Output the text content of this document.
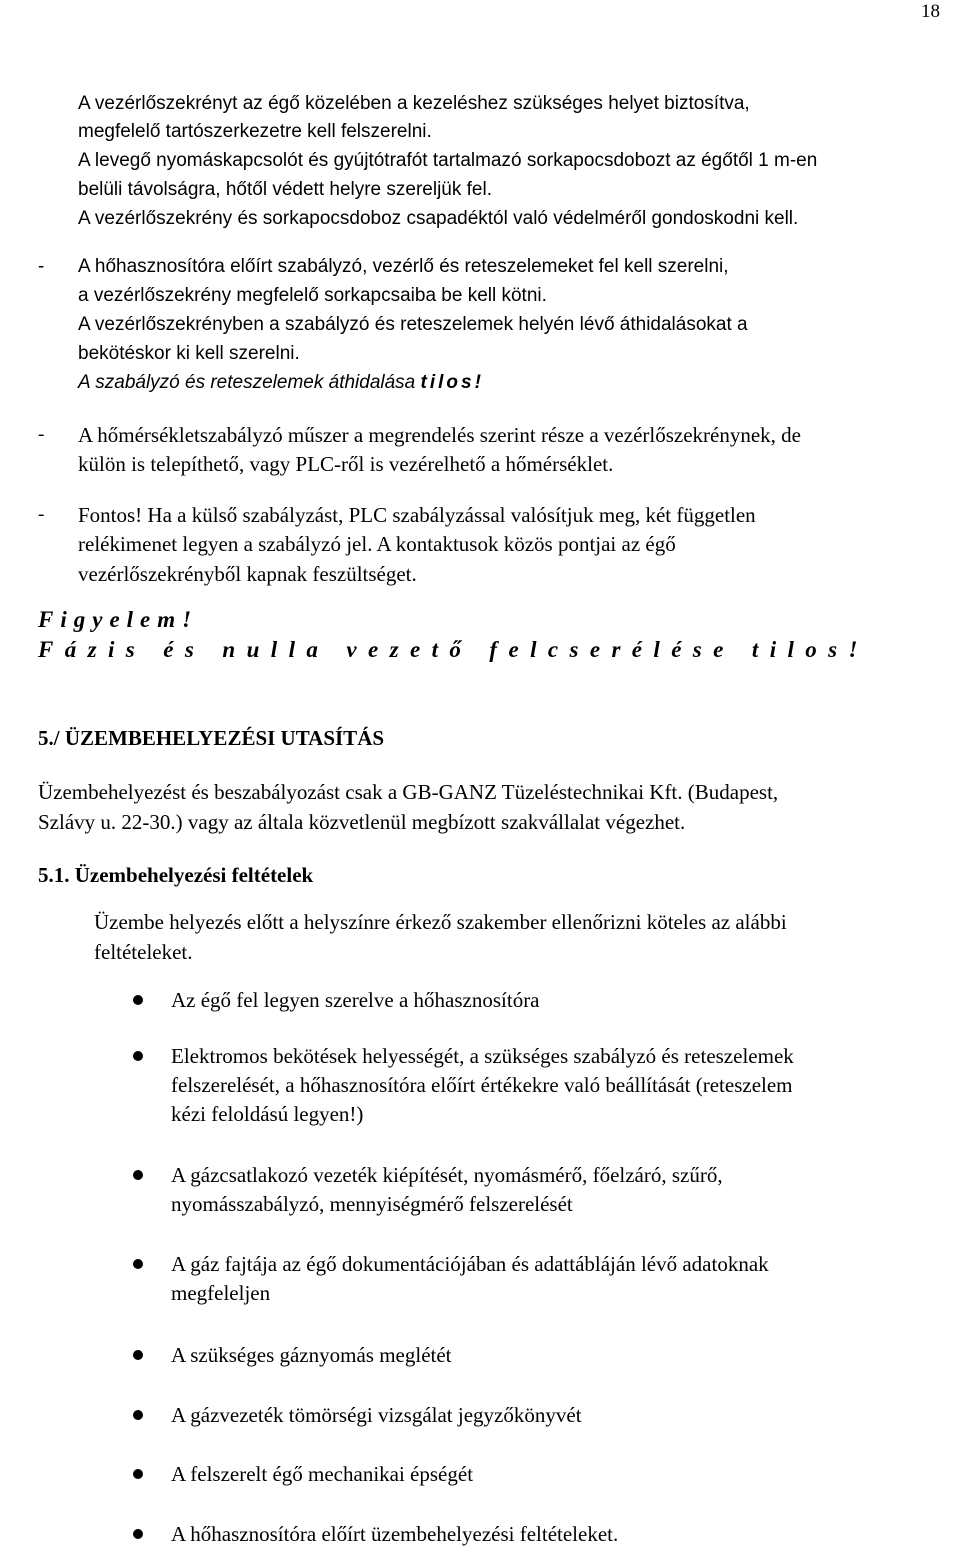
18
A vezérlőszekrényt az égő közelében a kezeléshez szükséges helyet biztosítva,
megfelelő tartószerkezetre kell felszerelni.
A levegő nyomáskapcsolót és gyújtótrafót tartalmazó sorkapocsdobozt az égőtől 1 m-en
belüli távolságra, hőtől védett helyre szereljük fel.
A vezérlőszekrény és sorkapocsdoboz csapadéktól való védelméről gondoskodni kell.
- A hőhasznosítóra előírt szabályzó, vezérlő és reteszelemeket fel kell szerelni,
a vezérlőszekrény megfelelő sorkapcsaiba be kell kötni.
A vezérlőszekrényben a szabályzó és reteszelemek helyén lévő áthidalásokat a
bekötéskor ki kell szerelni.
A szabályzó és reteszelemek áthidalása tilos!
- A hőmérsékletszabályzó műszer a megrendelés szerint része a vezérlőszekrénynek, de
külön is telepíthető, vagy PLC-ről is vezérelhető a hőmérséklet.
- Fontos! Ha a külső szabályzást, PLC szabályzással valósítjuk meg, két független
relékimenet legyen a szabályzó jel. A kontaktusok közös pontjai az égő
vezérlőszekrényből kapnak feszültséget.
Figyelem!
Fázis és nulla vezető felcserélése tilos!
5./ ÜZEMBEHELYEZÉSI UTASÍTÁS
Üzembehelyezést és beszabályozást csak a GB-GANZ Tüzeléstechnikai Kft. (Budapest,
Szlávy u. 22-30.) vagy az általa közvetlenül megbízott szakvállalat végezhet.
5.1. Üzembehelyezési feltételek
Üzembe helyezés előtt a helyszínre érkező szakember ellenőrizni köteles az alábbi
feltételeket.
Az égő fel legyen szerelve a hőhasznosítóra
Elektromos bekötések helyességét, a szükséges szabályzó és reteszelemek
felszerelését, a hőhasznosítóra előírt értékekre való beállítását (reteszelem
kézi feloldású legyen!)
A gázcsatlakozó vezeték kiépítését, nyomásmérő, főelzáró, szűrő,
nyomásszabályzó, mennyiségmérő felszerelését
A gáz fajtája az égő dokumentációjában és adattábláján lévő adatoknak
megfeleljen
A szükséges gáznyomás meglétét
A gázvezeték tömörségi vizsgálat jegyzőkönyvét
A felszerelt égő mechanikai épségét
A hőhasznosítóra előírt üzembehelyezési feltételeket.
